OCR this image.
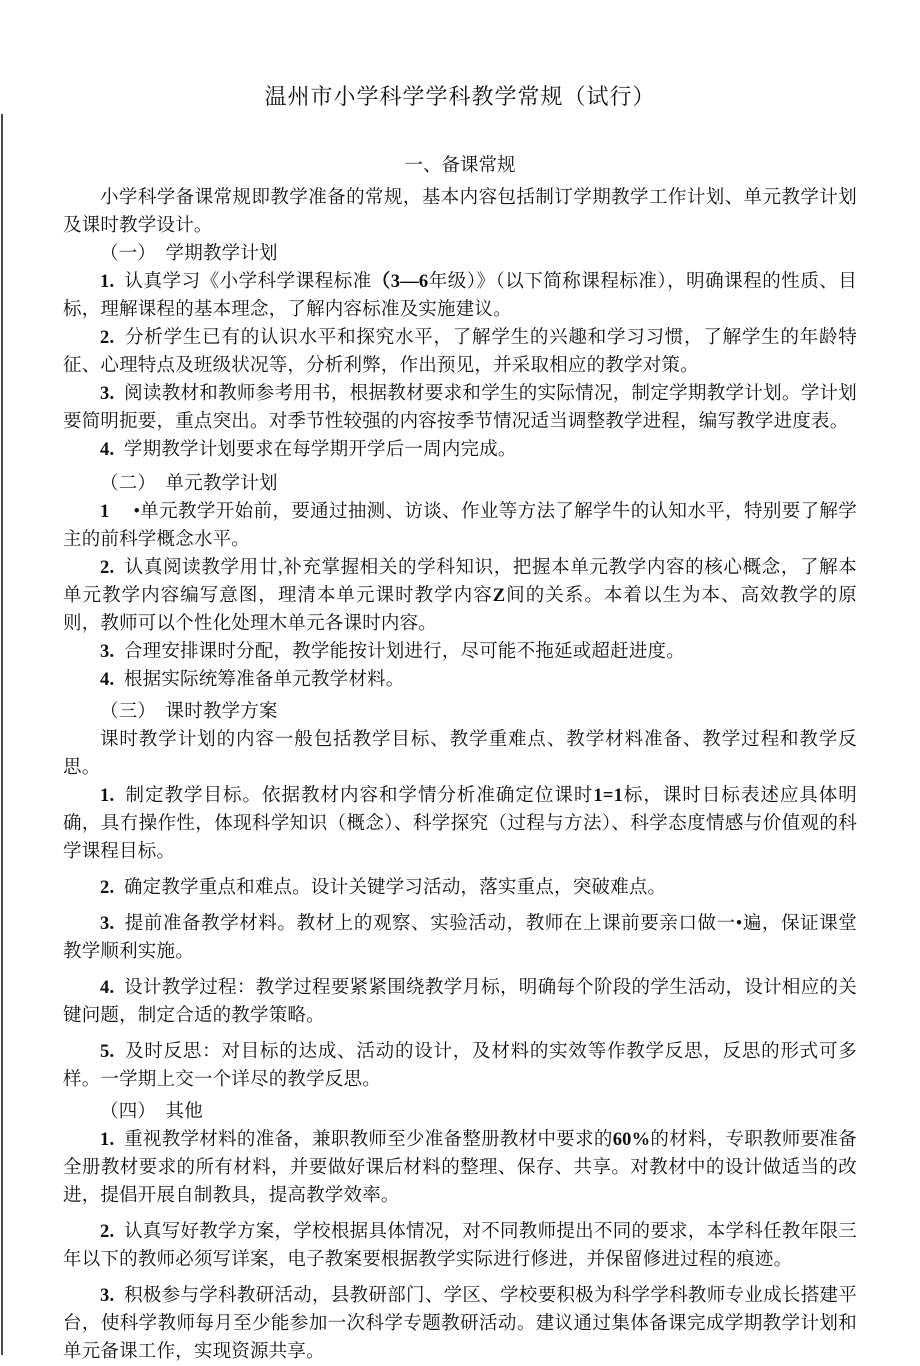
温州市小学科学学科教学常规（试行）
一、备课常规

小学科学备课常规即教学准备的常规，基本内容包括制订学期教学工作计划、单元教学计划及课时教学设计。

（一）　学期教学计划

1.  认真学习《小学科学课程标准（3—6年级）》（以下简称课程标准），明确课程的性质、目标，理解课程的基本理念，了解内容标准及实施建议。

2.  分析学生已有的认识水平和探究水平，了解学生的兴趣和学习习惯，了解学生的年龄特征、心理特点及班级状况等，分析利弊，作出预见，并采取相应的教学对策。

3.  阅读教材和教师参考用书，根据教材要求和学生的实际情况，制定学期教学计划。学计划要简明扼要，重点突出。对季节性较强的内容按季节情况适当调整教学进程，编写教学进度表。

4.  学期教学计划要求在每学期开学后一周内完成。

（二）　单元教学计划

1　 •单元教学开始前，要通过抽测、访谈、作业等方法了解学牛的认知水平，特别要了解学主的前科学概念水平。

2.  认真阅读教学用廿,补充掌握相关的学科知识，把握本单元教学内容的核心概念，了解本单元教学内容编写意图，理清本单元课时教学内容Z间的关系。本着以生为本、高效教学的原则，教师可以个性化处理木单元各课时内容。

3.  合理安排课时分配，教学能按计划进行，尽可能不拖延或超赶进度。

4.  根据实际统筹准备单元教学材料。

（三）　课时教学方案

课时教学计划的内容一般包括教学目标、教学重难点、教学材料准备、教学过程和教学反思。

1.  制定教学目标。依据教材内容和学情分析准确定位课时1=1标，课时日标表述应具体明确，具冇操作性，体现科学知识（概念）、科学探究（过程与方法）、科学态度情感与价值观的科学课程目标。

2.  确定教学重点和难点。设计关键学习活动，落实重点，突破难点。

3.  提前准备教学材料。教材上的观察、实验活动，教师在上课前要亲口做一•遍，保证课堂教学顺利实施。

4.  设计教学过程：教学过程要紧紧围绕教学月标，明确每个阶段的学生活动，设计相应的关键问题，制定合适的教学策略。

5.  及时反思：对目标的达成、活动的设计，及材料的实效等作教学反思，反思的形式可多样。一学期上交一个详尽的教学反思。

（四）　其他

1.  重视教学材料的准备，兼职教师至少准备整册教材中要求的60%的材料，专职教师要准备全册教材要求的所有材料，并要做好课后材料的整理、保存、共享。对教材中的设计做适当的改进，提倡开展自制教具，提高教学效率。

2.  认真写好教学方案，学校根据具体情况，对不同教师提出不同的要求，本学科任教年限三年以下的教师必须写详案，电子教案要根据教学实际进行修进，并保留修进过程的痕迹。

3.  积极参与学科教研活动，县教研部门、学区、学校要积极为科学学科教师专业成长搭建平台，使科学教师每月至少能参加一次科学专题教研活动。建议通过集体备课完成学期教学计划和单元备课工作，实现资源共享。
